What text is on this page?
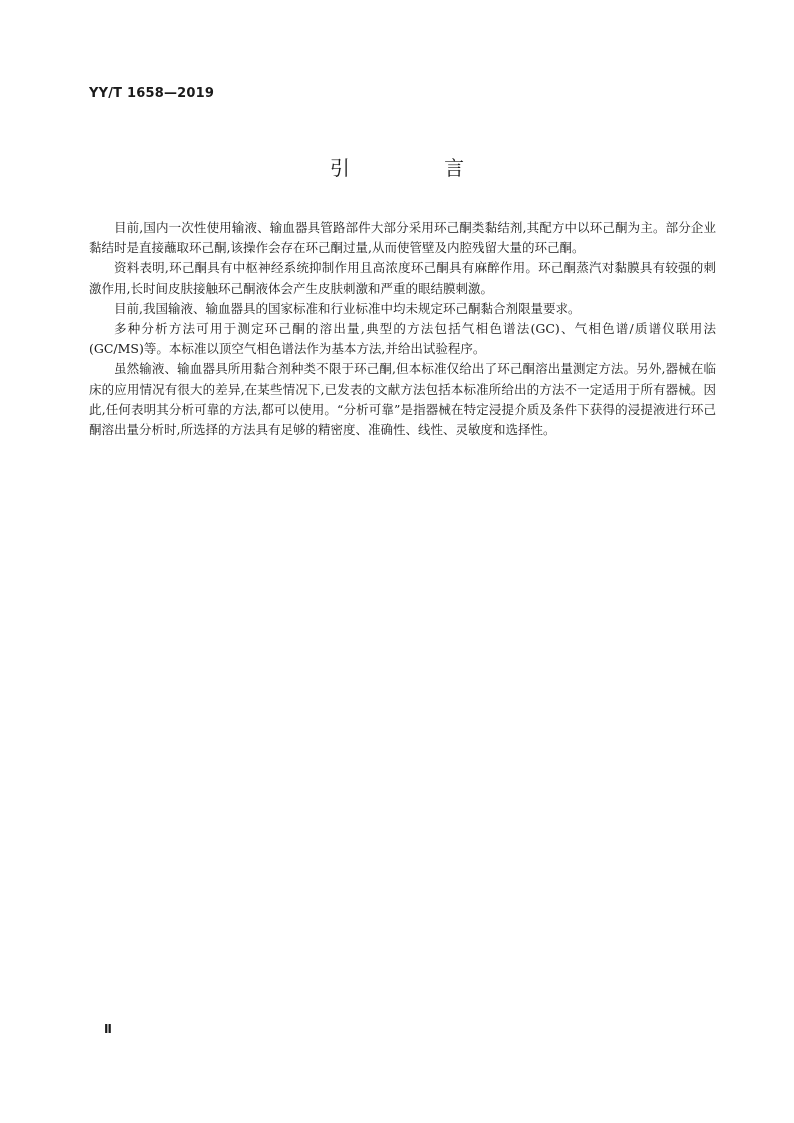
YY/T 1658—2019
引 言

目前,国内一次性使用输液、输血器具管路部件大部分采用环己酮类黏结剂,其配方中以环己酮为主。部分企业黏结时是直接蘸取环己酮,该操作会存在环己酮过量,从而使管壁及内腔残留大量的环己酮。

资料表明,环己酮具有中枢神经系统抑制作用且高浓度环己酮具有麻醉作用。环己酮蒸汽对黏膜具有较强的刺激作用,长时间皮肤接触环己酮液体会产生皮肤刺激和严重的眼结膜刺激。

目前,我国输液、输血器具的国家标准和行业标准中均未规定环己酮黏合剂限量要求。

多种分析方法可用于测定环己酮的溶出量,典型的方法包括气相色谱法(GC)、气相色谱/质谱仪联用法(GC/MS)等。本标准以顶空气相色谱法作为基本方法,并给出试验程序。

虽然输液、输血器具所用黏合剂种类不限于环己酮,但本标准仅给出了环己酮溶出量测定方法。另外,器械在临床的应用情况有很大的差异,在某些情况下,已发表的文献方法包括本标准所给出的方法不一定适用于所有器械。因此,任何表明其分析可靠的方法,都可以使用。“分析可靠”是指器械在特定浸提介质及条件下获得的浸提液进行环己酮溶出量分析时,所选择的方法具有足够的精密度、准确性、线性、灵敏度和选择性。

Ⅱ
